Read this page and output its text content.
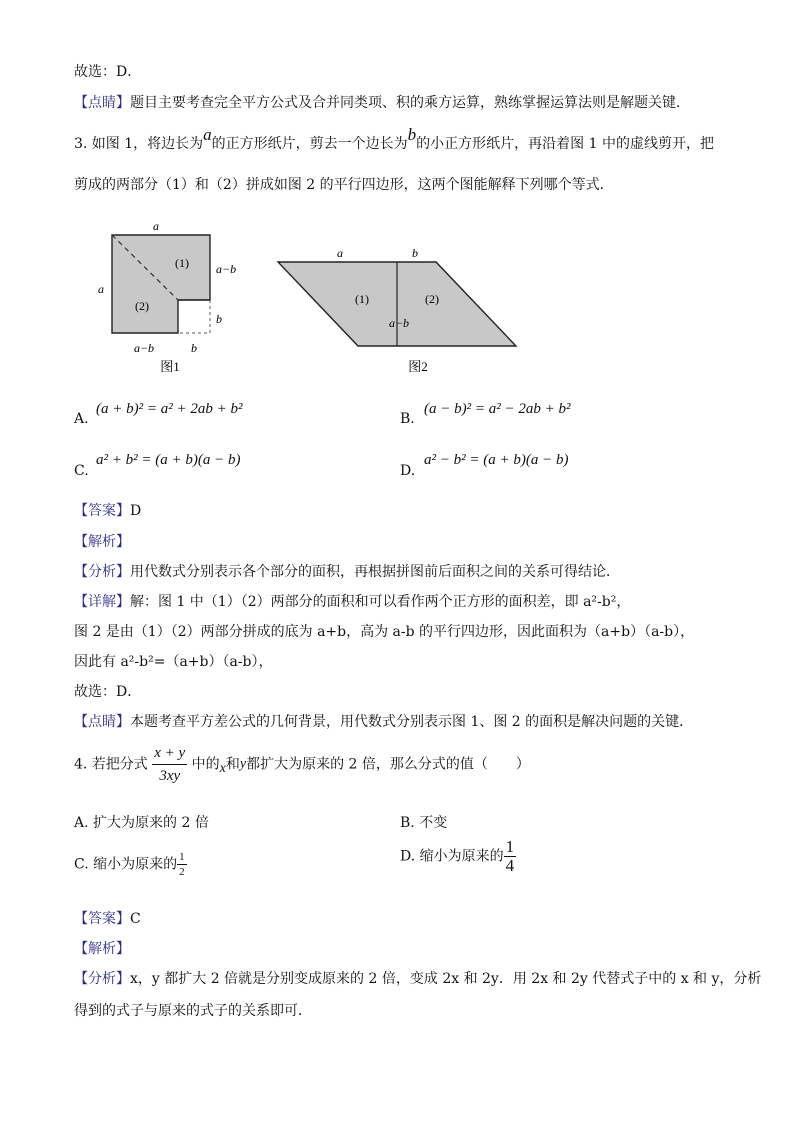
故选：D．
【点睛】题目主要考查完全平方公式及合并同类项、积的乘方运算，熟练掌握运算法则是解题关键．
3. 如图 1，将边长为a的正方形纸片，剪去一个边长为b的小正方形纸片，再沿着图 1 中的虚线剪开，把
剪成的两部分（1）和（2）拼成如图 2 的平行四边形，这两个图能解释下列哪个等式．
a
a
a−b
b
a−b	b
(1)
(2)
图1
a	b
(1)	(2)
a−b
图2
A.
(a + b)² = a² + 2ab + b²
B.
(a − b)² = a² − 2ab + b²
C.
a² + b² = (a + b)(a − b)
D.
a² − b² = (a + b)(a − b)
【答案】D
【解析】
【分析】用代数式分别表示各个部分的面积，再根据拼图前后面积之间的关系可得结论．
【详解】解：图 1 中（1）（2）两部分的面积和可以看作两个正方形的面积差，即 a²-b²，
图 2 是由（1）（2）两部分拼成的底为 a+b，高为 a-b 的平行四边形，因此面积为（a+b）（a-b），
因此有 a²-b²=（a+b）（a-b），
故选：D．
【点睛】本题考查平方差公式的几何背景，用代数式分别表示图 1、图 2 的面积是解决问题的关键．
4. 若把分式 $\frac{x + y}{3xy}$ 中的x和y都扩大为原来的 2 倍，那么分式的值（　　）
A. 扩大为原来的 2 倍	B. 不变
C. 缩小为原来的 $\frac{1}{2}$	D. 缩小为原来的 $\frac{1}{4}$
【答案】C
【解析】
【分析】x，y 都扩大 2 倍就是分别变成原来的 2 倍，变成 2x 和 2y．用 2x 和 2y 代替式子中的 x 和 y，分析
得到的式子与原来的式子的关系即可．
